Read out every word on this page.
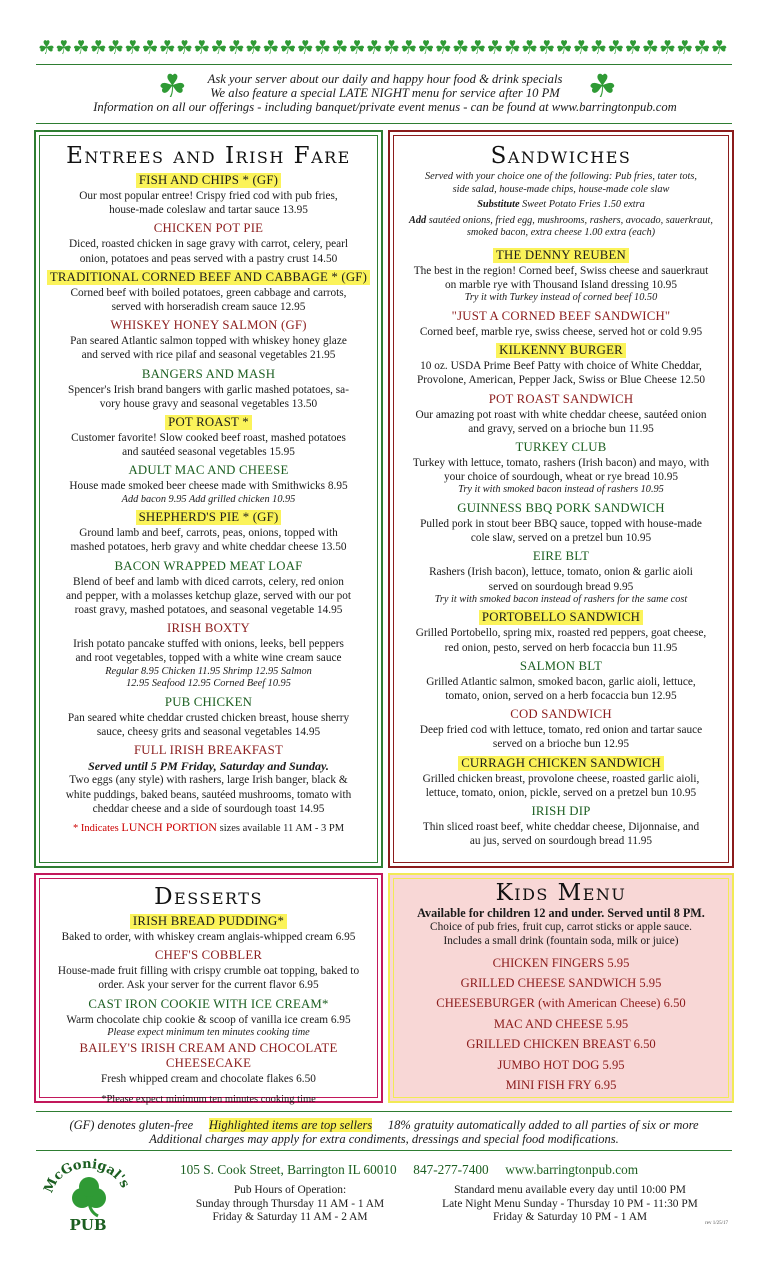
☘ ☘ ☘ ☘ ☘ ☘ ☘ ☘ ☘ ☘ ☘ ☘ ☘ ☘ ☘ ☘ ☘ ☘ ☘ ☘ ☘ ☘ ☘ ☘ ☘ ☘ ☘ ☘ ☘ ☘ ☘ ☘ ☘ ☘ ☘ ☘ ☘ ☘ ☘ ☘
☘	☘
Ask your server about our daily and happy hour food & drink specials
We also feature a special LATE NIGHT menu for service after 10 PM
Information on all our offerings - including banquet/private event menus - can be found at www.barringtonpub.com
Entrees and Irish Fare
FISH AND CHIPS * (GF)
Our most popular entree! Crispy fried cod with pub fries,
house-made coleslaw and tartar sauce 13.95
CHICKEN POT PIE
Diced, roasted chicken in sage gravy with carrot, celery, pearl
onion, potatoes and peas served with a pastry crust 14.50
TRADITIONAL CORNED BEEF AND CABBAGE * (GF)
Corned beef with boiled potatoes, green cabbage and carrots,
served with horseradish cream sauce 12.95
WHISKEY HONEY SALMON (GF)
Pan seared Atlantic salmon topped with whiskey honey glaze
and served with rice pilaf and seasonal vegetables 21.95
BANGERS AND MASH
Spencer's Irish brand bangers with garlic mashed potatoes, sa-
vory house gravy and seasonal vegetables 13.50
POT ROAST *
Customer favorite! Slow cooked beef roast, mashed potatoes
and sautéed seasonal vegetables 15.95
ADULT MAC AND CHEESE
House made smoked beer cheese made with Smithwicks 8.95
Add bacon 9.95 Add grilled chicken 10.95
SHEPHERD'S PIE * (GF)
Ground lamb and beef, carrots, peas, onions, topped with
mashed potatoes, herb gravy and white cheddar cheese 13.50
BACON WRAPPED MEAT LOAF
Blend of beef and lamb with diced carrots, celery, red onion
and pepper, with a molasses ketchup glaze, served with our pot
roast gravy, mashed potatoes, and seasonal vegetable 14.95
IRISH BOXTY
Irish potato pancake stuffed with onions, leeks, bell peppers
and root vegetables, topped with a white wine cream sauce
Regular 8.95 Chicken 11.95 Shrimp 12.95 Salmon
12.95 Seafood 12.95 Corned Beef 10.95
PUB CHICKEN
Pan seared white cheddar crusted chicken breast, house sherry
sauce, cheesy grits and seasonal vegetables 14.95
FULL IRISH BREAKFAST
Served until 5 PM Friday, Saturday and Sunday.
Two eggs (any style) with rashers, large Irish banger, black &
white puddings, baked beans, sautéed mushrooms, tomato with
cheddar cheese and a side of sourdough toast 14.95
* Indicates LUNCH PORTION sizes available 11 AM - 3 PM
Sandwiches
Served with your choice one of the following: Pub fries, tater tots,
side salad, house-made chips, house-made cole slaw
Substitute Sweet Potato Fries 1.50 extra
Add sautéed onions, fried egg, mushrooms, rashers, avocado, sauerkraut,
smoked bacon, extra cheese 1.00 extra (each)
THE DENNY REUBEN
The best in the region! Corned beef, Swiss cheese and sauerkraut
on marble rye with Thousand Island dressing 10.95
Try it with Turkey instead of corned beef 10.50
"JUST A CORNED BEEF SANDWICH"
Corned beef, marble rye, swiss cheese, served hot or cold 9.95
KILKENNY BURGER
10 oz. USDA Prime Beef Patty with choice of White Cheddar,
Provolone, American, Pepper Jack, Swiss or Blue Cheese 12.50
POT ROAST SANDWICH
Our amazing pot roast with white cheddar cheese, sautéed onion
and gravy, served on a brioche bun 11.95
TURKEY CLUB
Turkey with lettuce, tomato, rashers (Irish bacon) and mayo, with
your choice of sourdough, wheat or rye bread 10.95
Try it with smoked bacon instead of rashers 10.95
GUINNESS BBQ PORK SANDWICH
Pulled pork in stout beer BBQ sauce, topped with house-made
cole slaw, served on a pretzel bun 10.95
EIRE BLT
Rashers (Irish bacon), lettuce, tomato, onion & garlic aioli
served on sourdough bread 9.95
Try it with smoked bacon instead of rashers for the same cost
PORTOBELLO SANDWICH
Grilled Portobello, spring mix, roasted red peppers, goat cheese,
red onion, pesto, served on herb focaccia bun 11.95
SALMON BLT
Grilled Atlantic salmon, smoked bacon, garlic aioli, lettuce,
tomato, onion, served on a herb focaccia bun 12.95
COD SANDWICH
Deep fried cod with lettuce, tomato, red onion and tartar sauce
served on a brioche bun 12.95
CURRAGH CHICKEN SANDWICH
Grilled chicken breast, provolone cheese, roasted garlic aioli,
lettuce, tomato, onion, pickle, served on a pretzel bun 10.95
IRISH DIP
Thin sliced roast beef, white cheddar cheese, Dijonnaise, and
au jus, served on sourdough bread 11.95
Desserts
IRISH BREAD PUDDING*
Baked to order, with whiskey cream anglais-whipped cream 6.95
CHEF'S COBBLER
House-made fruit filling with crispy crumble oat topping, baked to
order. Ask your server for the current flavor 6.95
CAST IRON COOKIE WITH ICE CREAM*
Warm chocolate chip cookie & scoop of vanilla ice cream 6.95
Please expect minimum ten minutes cooking time
BAILEY'S IRISH CREAM AND CHOCOLATE CHEESECAKE
Fresh whipped cream and chocolate flakes 6.50
*Please expect minimum ten minutes cooking time
Kids Menu
Available for children 12 and under. Served until 8 PM.
Choice of pub fries, fruit cup, carrot sticks or apple sauce.
Includes a small drink (fountain soda, milk or juice)
CHICKEN FINGERS 5.95
GRILLED CHEESE SANDWICH 5.95
CHEESEBURGER (with American Cheese) 6.50
MAC AND CHEESE 5.95
GRILLED CHICKEN BREAST 6.50
JUMBO HOT DOG 5.95
MINI FISH FRY 6.95
(GF) denotes gluten-free Highlighted items are top sellers 18% gratuity automatically added to all parties of six or more
Additional charges may apply for extra condiments, dressings and special food modifications.
McGonigal's
PUB
105 S. Cook Street, Barrington IL 60010 847-277-7400 www.barringtonpub.com
Pub Hours of Operation:
Sunday through Thursday 11 AM - 1 AM
Friday & Saturday 11 AM - 2 AM
Standard menu available every day until 10:00 PM
Late Night Menu Sunday - Thursday 10 PM - 11:30 PM
Friday & Saturday 10 PM - 1 AM
rev 1/25/17
